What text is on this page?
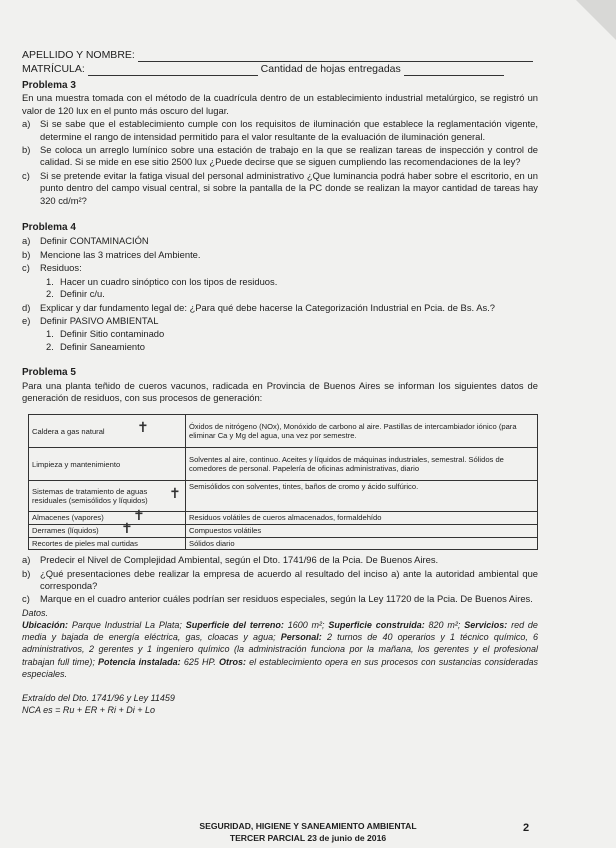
APELLIDO Y NOMBRE:
MATRÍCULA:	Cantidad de hojas entregadas
Problema 3

En una muestra tomada con el método de la cuadrícula dentro de un establecimiento industrial metalúrgico, se registró un valor de 120 lux en el punto más oscuro del lugar.

a)	Si se sabe que el establecimiento cumple con los requisitos de iluminación que establece la reglamentación vigente, determine el rango de intensidad permitido para el valor resultante de la evaluación de iluminación general.
b)	Se coloca un arreglo lumínico sobre una estación de trabajo en la que se realizan tareas de inspección y control de calidad. Si se mide en ese sitio 2500 lux ¿Puede decirse que se siguen cumpliendo las recomendaciones de la ley?
c)	Si se pretende evitar la fatiga visual del personal administrativo ¿Que luminancia podrá haber sobre el escritorio, en un punto dentro del campo visual central, si sobre la pantalla de la PC donde se realizan la mayor cantidad de tareas hay 320 cd/m²?
Problema 4
a)	Definir CONTAMINACIÓN
b)	Mencione las 3 matrices del Ambiente.
c)	Residuos:
1. Hacer un cuadro sinóptico con los tipos de residuos.
2. Definir c/u.
d)	Explicar y dar fundamento legal de: ¿Para qué debe hacerse la Categorización Industrial en Pcia. de Bs. As.?
e)	Definir PASIVO AMBIENTAL
1. Definir Sitio contaminado
2. Definir Saneamiento
Problema 5

Para una planta teñido de cueros vacunos, radicada en Provincia de Buenos Aires se informan los siguientes datos de generación de residuos, con sus procesos de generación:

Caldera a gas natural ✝	Óxidos de nitrógeno (NOx), Monóxido de carbono al aire. Pastillas de intercambiador iónico (para eliminar Ca y Mg del agua, una vez por semestre.
Limpieza y mantenimiento	Solventes al aire, continuo. Aceites y líquidos de máquinas industriales, semestral. Sólidos de comedores de personal. Papelería de oficinas administrativas, diario
Sistemas de tratamiento de aguas residuales (semisólidos y líquidos) ✝	Semisólidos con solventes, tintes, baños de cromo y ácido sulfúrico.
Almacenes (vapores) ✝	Residuos volátiles de cueros almacenados, formaldehído
Derrames (líquidos) ✝	Compuestos volátiles
Recortes de pieles mal curtidas	Sólidos diario
a)	Predecir el Nivel de Complejidad Ambiental, según el Dto. 1741/96 de la Pcia. De Buenos Aires.
b)	¿Qué presentaciones debe realizar la empresa de acuerdo al resultado del inciso a) ante la autoridad ambiental que corresponda?
c)	Marque en el cuadro anterior cuáles podrían ser residuos especiales, según la Ley 11720 de la Pcia. De Buenos Aires.
Datos.
Ubicación: Parque Industrial La Plata; Superficie del terreno: 1600 m²; Superficie construida: 820 m²; Servicios: red de media y bajada de energía eléctrica, gas, cloacas y agua; Personal: 2 turnos de 40 operarios y 1 técnico químico, 6 administrativos, 2 gerentes y 1 ingeniero químico (la administración funciona por la mañana, los gerentes y el profesional trabajan full time); Potencia instalada: 625 HP. Otros: el establecimiento opera en sus procesos con sustancias consideradas especiales.
Extraído del Dto. 1741/96 y Ley 11459
NCA es = Ru + ER + Ri + Di + Lo
SEGURIDAD, HIGIENE Y SANEAMIENTO AMBIENTAL
TERCER PARCIAL 23 de junio de 2016
2
